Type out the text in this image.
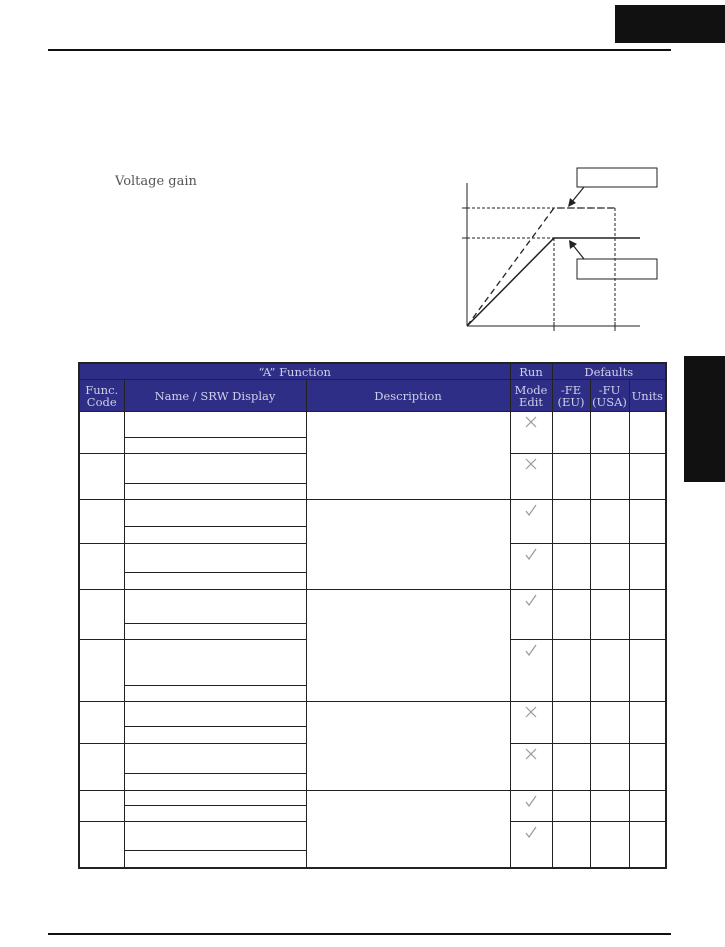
Voltage gain
“A” Function			Run	Defaults		
Func. Code	Name / SRW Display	Description	Mode Edit	-FE (EU)	-FU (USA)	Units
